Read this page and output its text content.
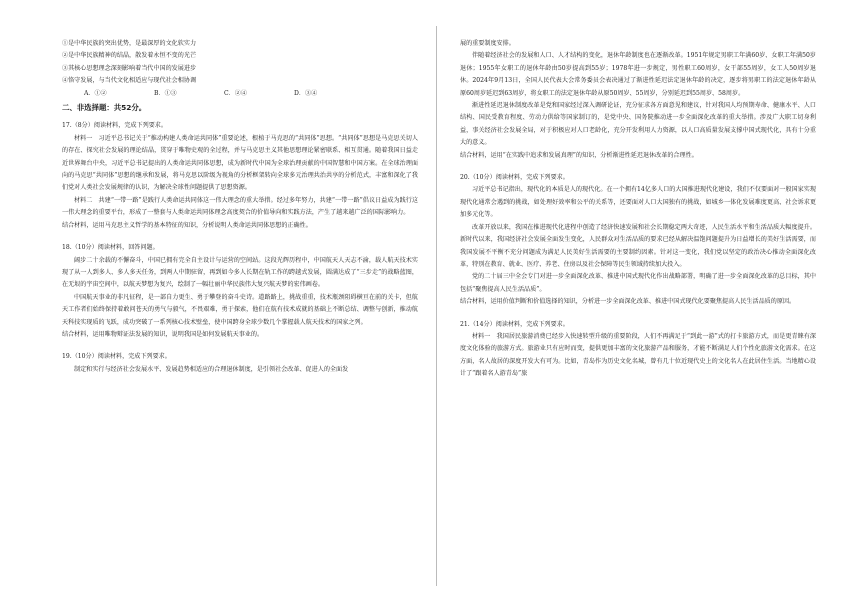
①是中华民族的突出优势，是最深厚的文化软实力

②是中华民族精神的结晶，散发着永恒不变的光芒

③其核心思想理念深刻影响着当代中国的发展进步

④恪守发展，与当代文化相适应与现代社会相协调

A．①②	B．①③	C．②④	D．③④

二、非选择题：共52分。

17.（8分）阅读材料，完成下列要求。

材料一　习近平总书记关于“推动构建人类命运共同体”重要论述，根植于马克思的“共同体”思想。“共同体”思想是马克思关切人的存在、探究社会发展的理论结晶，贯穿于唯物史观的全过程，并与马克思主义其他思想理论紧密联系、相互贯通。随着我国日益走近世界舞台中央，习近平总书记提出的人类命运共同体思想，成为新时代中国为全球治理贡献的中国智慧和中国方案。在全球治理面向的马克思“共同体”思想的继承和发展，将马克思以阶级为视角的分析框架转向全球多元治理共治共享的分析范式，丰富和深化了我们党对人类社会发展规律的认识，为解决全球性问题提供了思想资源。

材料二　共建“一带一路”是践行人类命运共同体这一伟大理念的重大举措。经过多年努力，共建“一带一路”倡议日益成为践行这一伟大理念的重要平台，形成了一整套与人类命运共同体理念高度契合的价值导向和实践方法，产生了越来越广泛的国际影响力。

结合材料，运用马克思主义哲学的基本特征的知识，分析说明人类命运共同体思想的正确性。

18.（10分）阅读材料，回答问题。

阔步二十余载的不懈奋斗，中国已拥有完全自主设计与运营的空间站。这段光辉历程中，中国航天人天志不渝，载人航天技术实现了从一人到多人、多人多天任务，到两人中期驻留，再到如今多人长期在轨工作的跨越式发展，圆满达成了“三步走”的战略蓝图，在无垠的宇宙空间中，以航天梦想为复兴，绘制了一幅壮丽中华民族伟大复兴航天梦的宏伟画卷。

中国航天事业的非凡征程，是一部自力更生、勇于攀登的奋斗史诗。道路路上，挑战重重，技术瓶颈阻碍横亘在前的关卡，但航天工作者们始终保持着敢问苍天的勇气与毅气，不畏艰难，勇于探索，他们在航有技术成就的基础上不断总结、调整与创新，推动航天科技实现质的飞跃，成功突破了一系列核心技术壁垒，使中国跨身全球少数几个掌握载人航天技术的国家之列。

结合材料，运用唯物辩证法发展的知识，说明我国是如何发展航天事业的。

19.（10分）阅读材料，完成下列要求。

制定和实行与经济社会发展水平、发展趋势相适应的合理退休制度，是引领社会改革、促进人的全面发

展的重要制度安排。

伴随着经济社会的发展和人口、人才结构的变化，退休年龄制度也在逐渐改革。1951年规定男职工年满60岁、女职工年满50岁退休；1955年女职工的退休年龄由50岁提高到55岁；1978年进一步规定，男性职工60周岁，女干部55周岁，女工人50周岁退休。2024年9月13日，全国人民代表大会常务委员会表决通过了渐进性延迟法定退休年龄的决定，逐步将男职工的法定退休年龄从原60周岁延迟到63周岁，将女职工的法定退休年龄从原50周岁、55周岁，分别延迟到55周岁、58周岁。

渐进性延迟退休制度改革是党和国家经过深入调研论证，充分征求各方面意见和建议，针对我国人均预期寿命、健康水平、人口结构、国民受教育程度、劳动力供给等国家制订的，是党中央、国务院推动进一步全面深化改革的重大举措。涉及广大职工切身利益，事关经济社会发展全局，对于积极应对人口老龄化，充分开发利用人力资源，以人口高质量发展支撑中国式现代化，具有十分重大的意义。

结合材料，运用“在实践中追求和发展真理”的知识，分析渐进性延迟退休改革的合理性。

20.（10分）阅读材料，完成下列要求。

习近平总书记指出，现代化的本质是人的现代化。在一个拥有14亿多人口的大国推进现代化建设，我们不仅要面对一般国家实现现代化通常会遇到的挑战，如处理好效率和公平的关系等，还要面对人口大国独有的挑战，如城乡一体化发展难度更高、社会诉求更加多元化等。

改革开放以来，我国在推进现代化进程中创造了经济快速发展和社会长期稳定两大奇迹，人民生活水平和生活品质大幅度提升。新时代以来，我国经济社会发展全面发生变化，人民群众对生活品质的要求已经从解决温饱问题提升为日益增长的美好生活需要，而我国发展不平衡不充分问题成为满足人民美好生活需要的主要制约因素。针对这一变化，我们党以坚定的政治决心推动全面深化改革，特别在教育、就业、医疗、养老、住房以及社会保障等民生领域持续加大投入。

党的二十届三中全会专门对进一步全面深化改革、推进中国式现代化作出战略部署，明确了进一步全面深化改革的总目标，其中包括“聚焦提高人民生活品质”。

结合材料，运用价值判断和价值选择的知识，分析进一步全面深化改革、推进中国式现代化要聚焦提高人民生活品质的原因。

21.（14分）阅读材料，完成下列要求。

材料一　我国居民旅游消费已经步入快速转型升级的重要阶段，人们不再满足于“到此一游”式的打卡旅游方式，而是更青睐有深度文化体验的旅游方式。旅游业只有应时而变，提供更加丰富的文化旅游产品和服务，才能不断满足人们个性化旅游文化需求。在这方面，名人故居的深度开发大有可为。比如，青岛作为历史文化名城，曾有几十位近现代史上的文化名人在此居住生活。当地精心设计了“跟着名人游青岛”旅
